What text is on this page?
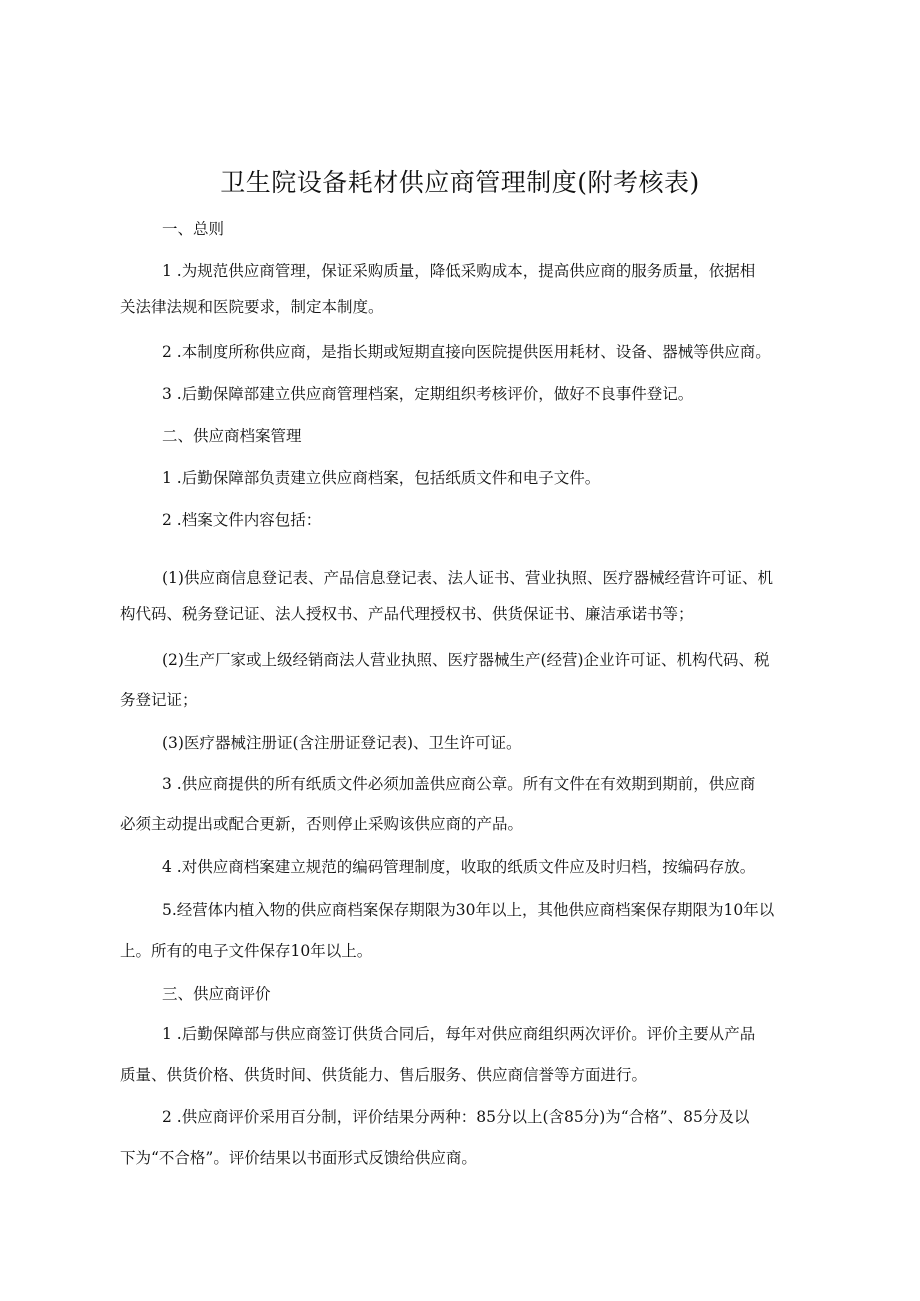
卫生院设备耗材供应商管理制度(附考核表)
一、总则
1 .为规范供应商管理，保证采购质量，降低采购成本，提高供应商的服务质量，依据相
关法律法规和医院要求，制定本制度。
2 .本制度所称供应商，是指长期或短期直接向医院提供医用耗材、设备、器械等供应商。
3 .后勤保障部建立供应商管理档案，定期组织考核评价，做好不良事件登记。
二、供应商档案管理
1 .后勤保障部负责建立供应商档案，包括纸质文件和电子文件。
2 .档案文件内容包括：
(1)供应商信息登记表、产品信息登记表、法人证书、营业执照、医疗器械经营许可证、机
构代码、税务登记证、法人授权书、产品代理授权书、供货保证书、廉洁承诺书等；
(2)生产厂家或上级经销商法人营业执照、医疗器械生产(经营)企业许可证、机构代码、税
务登记证；
(3)医疗器械注册证(含注册证登记表)、卫生许可证。
3 .供应商提供的所有纸质文件必须加盖供应商公章。所有文件在有效期到期前，供应商
必须主动提出或配合更新，否则停止采购该供应商的产品。
4 .对供应商档案建立规范的编码管理制度，收取的纸质文件应及时归档，按编码存放。
5.经营体内植入物的供应商档案保存期限为30年以上，其他供应商档案保存期限为10年以
上。所有的电子文件保存10年以上。
三、供应商评价
1 .后勤保障部与供应商签订供货合同后，每年对供应商组织两次评价。评价主要从产品
质量、供货价格、供货时间、供货能力、售后服务、供应商信誉等方面进行。
2 .供应商评价采用百分制，评价结果分两种：85分以上(含85分)为“合格”、85分及以
下为“不合格”。评价结果以书面形式反馈给供应商。
